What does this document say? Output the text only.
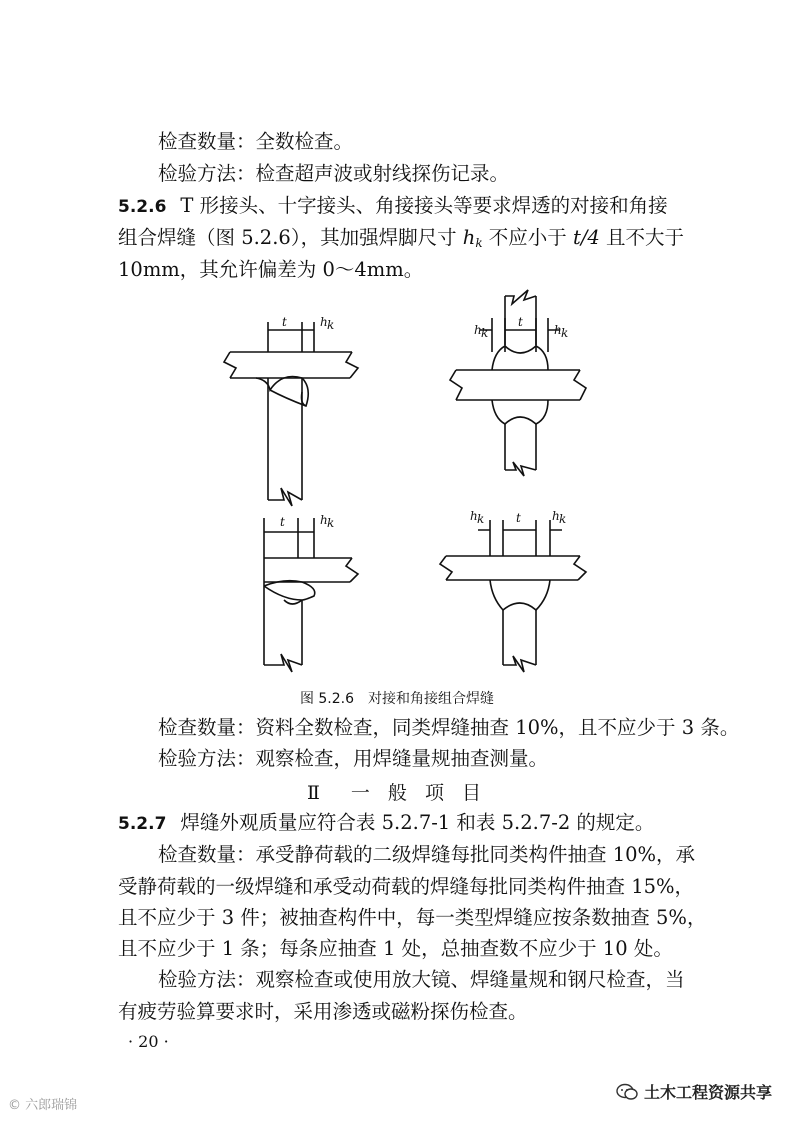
检查数量：全数检查。
检验方法：检查超声波或射线探伤记录。
5.2.6 T 形接头、十字接头、角接接头等要求焊透的对接和角接
组合焊缝（图 5.2.6），其加强焊脚尺寸 $h_k$ 不应小于 t/4 且不大于
10mm，其允许偏差为 0～4mm。
t	h k	h k
t
h k
t	h k	h k	t	h k
图 5.2.6　对接和角接组合焊缝
检查数量：资料全数检查，同类焊缝抽查 10%，且不应少于 3 条。
检验方法：观察检查，用焊缝量规抽查测量。
Ⅱ　一 般 项 目
5.2.7 焊缝外观质量应符合表 5.2.7-1 和表 5.2.7-2 的规定。
检查数量：承受静荷载的二级焊缝每批同类构件抽查 10%，承
受静荷载的一级焊缝和承受动荷载的焊缝每批同类构件抽查 15%，
且不应少于 3 件；被抽查构件中，每一类型焊缝应按条数抽查 5%，
且不应少于 1 条；每条应抽查 1 处，总抽查数不应少于 10 处。
检验方法：观察检查或使用放大镜、焊缝量规和钢尺检查，当
有疲劳验算要求时，采用渗透或磁粉探伤检查。
· 20 ·
© 六郎瑞锦
土木工程资源共享
